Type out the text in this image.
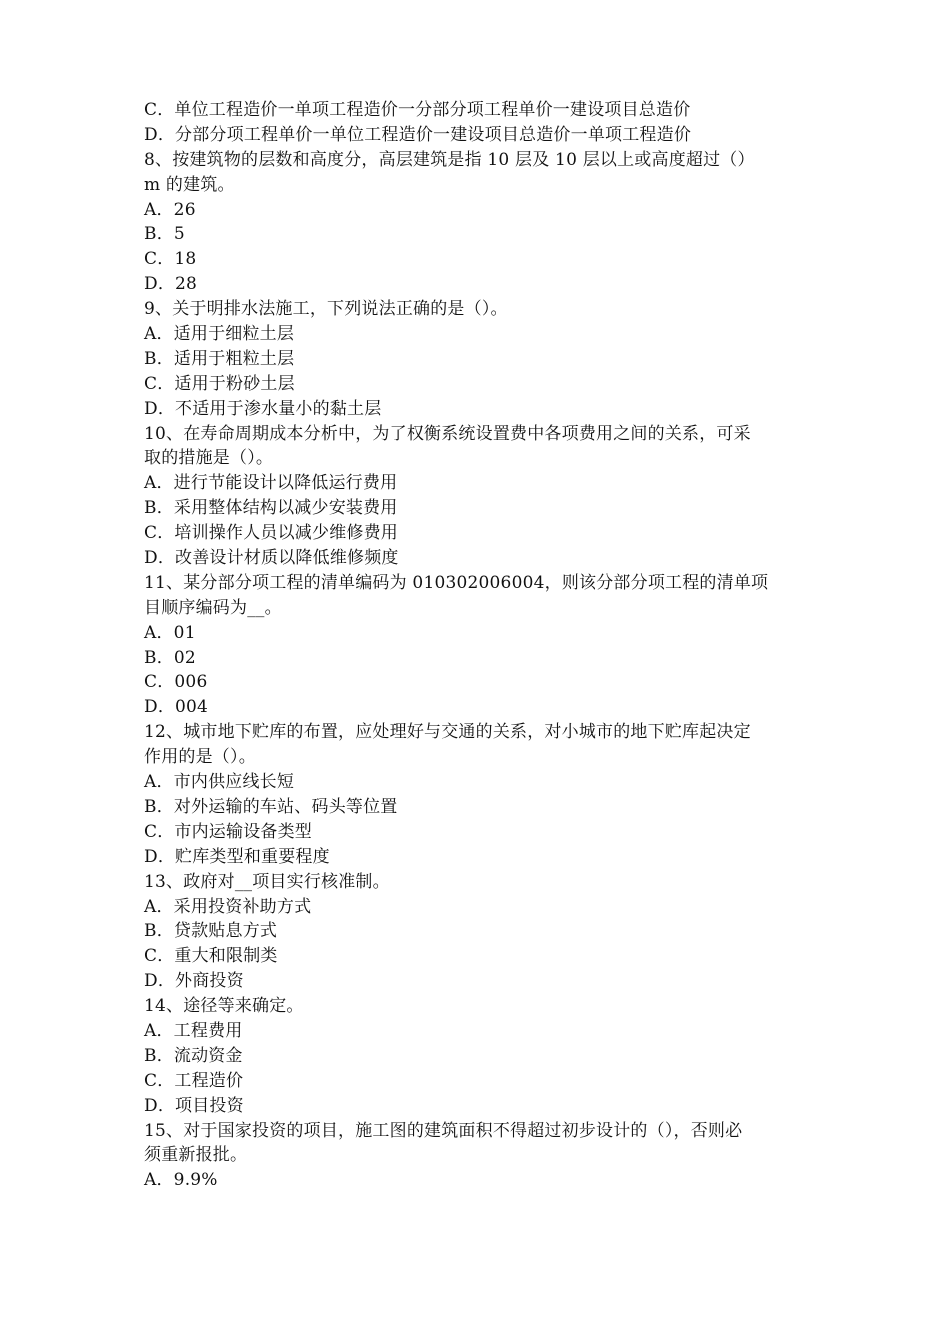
C．单位工程造价一单项工程造价一分部分项工程单价一建设项目总造价
D．分部分项工程单价一单位工程造价一建设项目总造价一单项工程造价
8、按建筑物的层数和高度分，高层建筑是指 10 层及 10 层以上或高度超过（）
m 的建筑。
A．26
B．5
C．18
D．28
9、关于明排水法施工，下列说法正确的是（）。
A．适用于细粒土层
B．适用于粗粒土层
C．适用于粉砂土层
D．不适用于渗水量小的黏土层
10、在寿命周期成本分析中，为了权衡系统设置费中各项费用之间的关系，可采
取的措施是（）。
A．进行节能设计以降低运行费用
B．采用整体结构以减少安装费用
C．培训操作人员以减少维修费用
D．改善设计材质以降低维修频度
11、某分部分项工程的清单编码为 010302006004，则该分部分项工程的清单项
目顺序编码为__。
A．01
B．02
C．006
D．004
12、城市地下贮库的布置，应处理好与交通的关系，对小城市的地下贮库起决定
作用的是（）。
A．市内供应线长短
B．对外运输的车站、码头等位置
C．市内运输设备类型
D．贮库类型和重要程度
13、政府对__项目实行核准制。
A．采用投资补助方式
B．贷款贴息方式
C．重大和限制类
D．外商投资
14、途径等来确定。
A．工程费用
B．流动资金
C．工程造价
D．项目投资
15、对于国家投资的项目，施工图的建筑面积不得超过初步设计的（），否则必
须重新报批。
A．9.9%
